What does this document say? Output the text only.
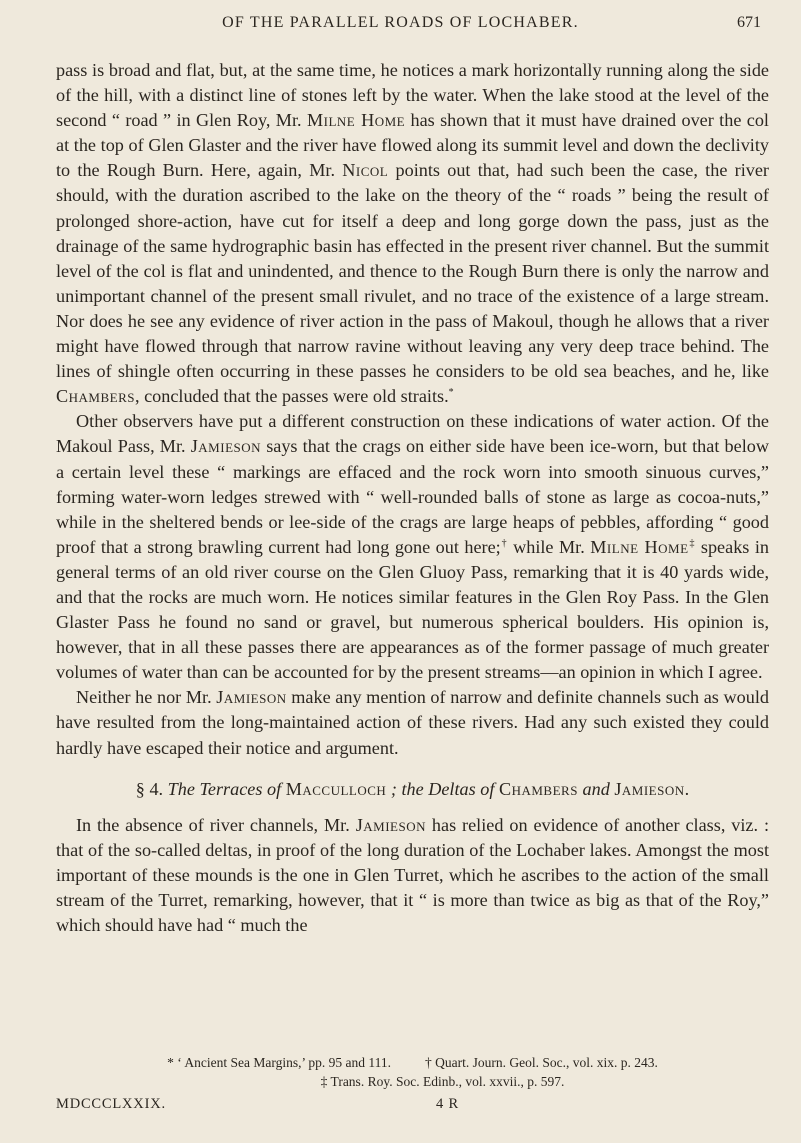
OF THE PARALLEL ROADS OF LOCHABER.	671

pass is broad and flat, but, at the same time, he notices a mark horizontally running along the side of the hill, with a distinct line of stones left by the water. When the lake stood at the level of the second “ road ” in Glen Roy, Mr. Milne Home has shown that it must have drained over the col at the top of Glen Glaster and the river have flowed along its summit level and down the declivity to the Rough Burn. Here, again, Mr. Nicol points out that, had such been the case, the river should, with the duration ascribed to the lake on the theory of the “ roads ” being the result of prolonged shore-action, have cut for itself a deep and long gorge down the pass, just as the drainage of the same hydrographic basin has effected in the present river channel. But the summit level of the col is flat and unindented, and thence to the Rough Burn there is only the narrow and unimportant channel of the present small rivulet, and no trace of the existence of a large stream. Nor does he see any evidence of river action in the pass of Makoul, though he allows that a river might have flowed through that narrow ravine without leaving any very deep trace behind. The lines of shingle often occurring in these passes he considers to be old sea beaches, and he, like Chambers, concluded that the passes were old straits.*

Other observers have put a different construction on these indications of water action. Of the Makoul Pass, Mr. Jamieson says that the crags on either side have been ice-worn, but that below a certain level these “ markings are effaced and the rock worn into smooth sinuous curves,” forming water-worn ledges strewed with “ well-rounded balls of stone as large as cocoa-nuts,” while in the sheltered bends or lee-side of the crags are large heaps of pebbles, affording “ good proof that a strong brawling current had long gone out here;† while Mr. Milne Home‡ speaks in general terms of an old river course on the Glen Gluoy Pass, remarking that it is 40 yards wide, and that the rocks are much worn. He notices similar features in the Glen Roy Pass. In the Glen Glaster Pass he found no sand or gravel, but numerous spherical boulders. His opinion is, however, that in all these passes there are appearances as of the former passage of much greater volumes of water than can be accounted for by the present streams—an opinion in which I agree.

Neither he nor Mr. Jamieson make any mention of narrow and definite channels such as would have resulted from the long-maintained action of these rivers. Had any such existed they could hardly have escaped their notice and argument.

§ 4. The Terraces of Macculloch ; the Deltas of Chambers and Jamieson.

In the absence of river channels, Mr. Jamieson has relied on evidence of another class, viz. : that of the so-called deltas, in proof of the long duration of the Lochaber lakes. Amongst the most important of these mounds is the one in Glen Turret, which he ascribes to the action of the small stream of the Turret, remarking, however, that it “ is more than twice as big as that of the Roy,” which should have had “ much the

* ‘ Ancient Sea Margins,’ pp. 95 and 111.	† Quart. Journ. Geol. Soc., vol. xix. p. 243.
‡ Trans. Roy. Soc. Edinb., vol. xxvii., p. 597.
MDCCCLXXIX.	4 R
